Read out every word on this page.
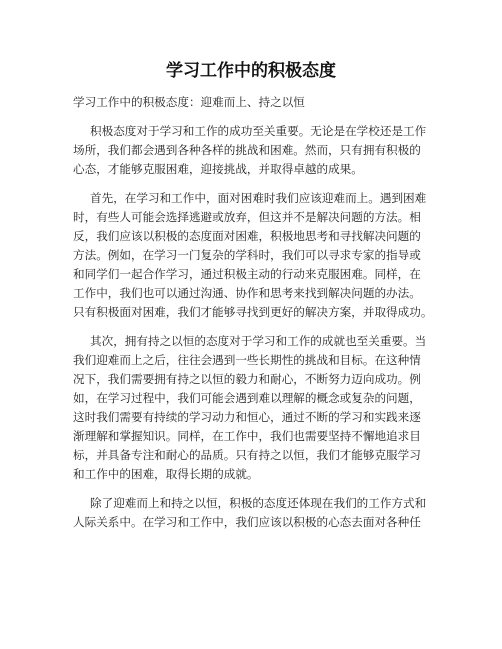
学习工作中的积极态度

学习工作中的积极态度：迎难而上、持之以恒

积极态度对于学习和工作的成功至关重要。无论是在学校还是工作

场所，我们都会遇到各种各样的挑战和困难。然而，只有拥有积极的

心态，才能够克服困难，迎接挑战，并取得卓越的成果。

首先，在学习和工作中，面对困难时我们应该迎难而上。遇到困难

时，有些人可能会选择逃避或放弃，但这并不是解决问题的方法。相

反，我们应该以积极的态度面对困难，积极地思考和寻找解决问题的

方法。例如，在学习一门复杂的学科时，我们可以寻求专家的指导或

和同学们一起合作学习，通过积极主动的行动来克服困难。同样，在

工作中，我们也可以通过沟通、协作和思考来找到解决问题的办法。

只有积极面对困难，我们才能够寻找到更好的解决方案，并取得成功。

其次，拥有持之以恒的态度对于学习和工作的成就也至关重要。当

我们迎难而上之后，往往会遇到一些长期性的挑战和目标。在这种情

况下，我们需要拥有持之以恒的毅力和耐心，不断努力迈向成功。例

如，在学习过程中，我们可能会遇到难以理解的概念或复杂的问题，

这时我们需要有持续的学习动力和恒心，通过不断的学习和实践来逐

渐理解和掌握知识。同样，在工作中，我们也需要坚持不懈地追求目

标，并具备专注和耐心的品质。只有持之以恒，我们才能够克服学习

和工作中的困难，取得长期的成就。

除了迎难而上和持之以恒，积极的态度还体现在我们的工作方式和

人际关系中。在学习和工作中，我们应该以积极的心态去面对各种任
